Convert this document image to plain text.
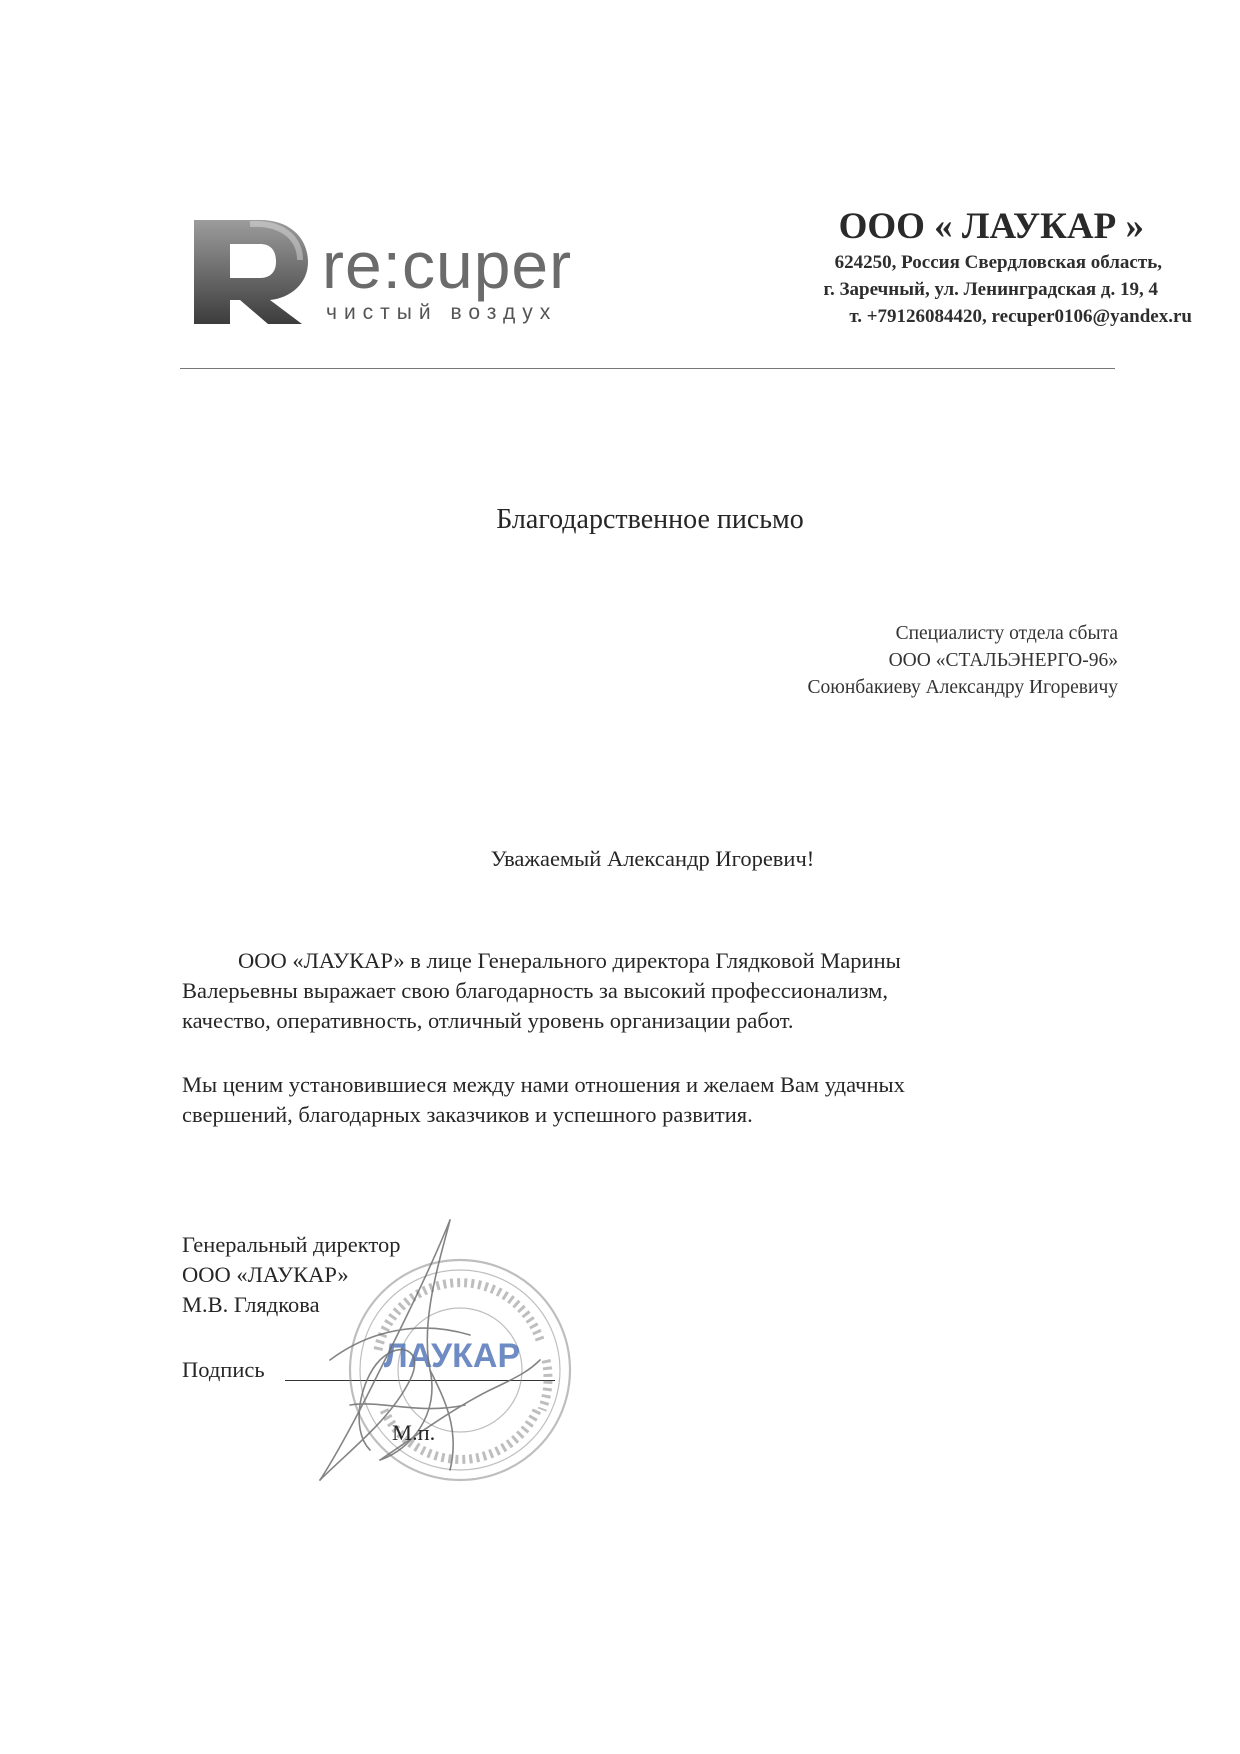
re:cuper
чистый воздух
ООО « ЛАУКАР »
624250, Россия Свердловская область,
г. Заречный, ул. Ленинградская д. 19, 4
т. +79126084420, recuper0106@yandex.ru
Благодарственное письмо
Специалисту отдела сбыта
ООО «СТАЛЬЭНЕРГО-96»
Союнбакиеву Александру Игоревичу
Уважаемый Александр Игоревич!
ООО «ЛАУКАР» в лице Генерального директора Глядковой Марины
Валерьевны выражает свою благодарность за высокий профессионализм,
качество, оперативность, отличный уровень организации работ.
Мы ценим установившиеся между нами отношения и желаем Вам удачных
свершений, благодарных заказчиков и успешного развития.
Генеральный директор
ООО «ЛАУКАР»
М.В. Глядкова
Подпись	ЛАУКАР
М.п.
